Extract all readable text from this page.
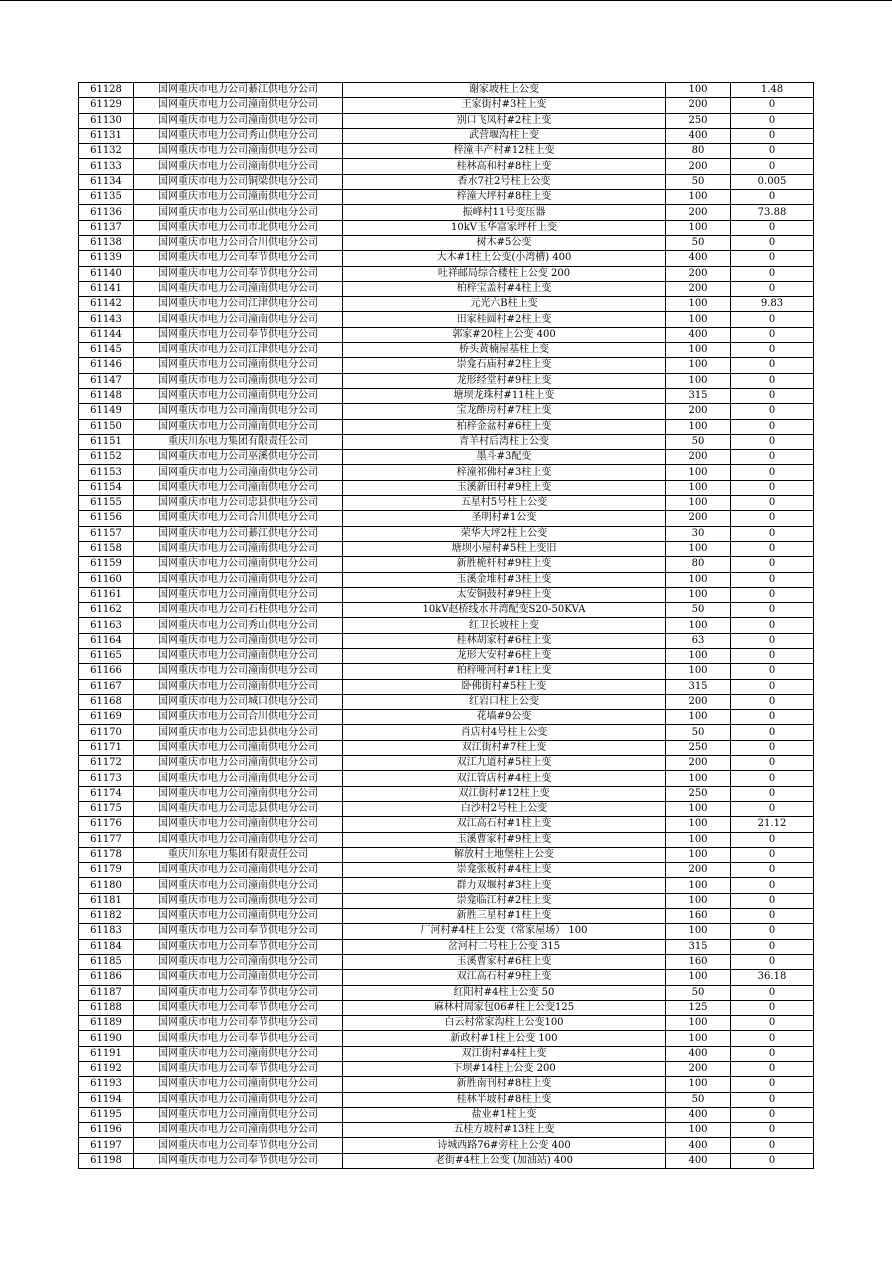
61128	国网重庆市电力公司綦江供电分公司	谢家坡柱上公变	100	1.48
61129	国网重庆市电力公司潼南供电分公司	王家街村#3柱上变	200	0
61130	国网重庆市电力公司潼南供电分公司	别口飞凤村#2柱上变	250	0
61131	国网重庆市电力公司秀山供电分公司	武营堰沟柱上变	400	0
61132	国网重庆市电力公司潼南供电分公司	梓潼丰产村#12柱上变	80	0
61133	国网重庆市电力公司潼南供电分公司	桂林高和村#8柱上变	200	0
61134	国网重庆市电力公司铜梁供电分公司	香水7社2号柱上公变	50	0.005
61135	国网重庆市电力公司潼南供电分公司	梓潼大坪村#8柱上变	100	0
61136	国网重庆市电力公司巫山供电分公司	振峰村11号变压器	200	73.88
61137	国网重庆市电力公司市北供电分公司	10kV玉华富家坪杆上变	100	0
61138	国网重庆市电力公司合川供电分公司	树木#5公变	50	0
61139	国网重庆市电力公司奉节供电分公司	大木#1柱上公变(小湾槽) 400	400	0
61140	国网重庆市电力公司奉节供电分公司	吐祥邮局综合楼柱上公变 200	200	0
61141	国网重庆市电力公司潼南供电分公司	柏梓宝盖村#4柱上变	200	0
61142	国网重庆市电力公司江津供电分公司	元光六B柱上变	100	9.83
61143	国网重庆市电力公司潼南供电分公司	田家桂圆村#2柱上变	100	0
61144	国网重庆市电力公司奉节供电分公司	郭家#20柱上公变 400	400	0
61145	国网重庆市电力公司江津供电分公司	桥头黄楠屋基柱上变	100	0
61146	国网重庆市电力公司潼南供电分公司	崇龛石庙村#2柱上变	100	0
61147	国网重庆市电力公司潼南供电分公司	龙形经堂村#9柱上变	100	0
61148	国网重庆市电力公司潼南供电分公司	塘坝龙珠村#11柱上变	315	0
61149	国网重庆市电力公司潼南供电分公司	宝龙酢房村#7柱上变	200	0
61150	国网重庆市电力公司潼南供电分公司	柏梓金盆村#6柱上变	100	0
61151	重庆川东电力集团有限责任公司	青羊村后湾柱上公变	50	0
61152	国网重庆市电力公司巫溪供电分公司	墨斗#3配变	200	0
61153	国网重庆市电力公司潼南供电分公司	梓潼祁佛村#3柱上变	100	0
61154	国网重庆市电力公司潼南供电分公司	玉溪新田村#9柱上变	100	0
61155	国网重庆市电力公司忠县供电分公司	五星村5号柱上公变	100	0
61156	国网重庆市电力公司合川供电分公司	圣明村#1公变	200	0
61157	国网重庆市电力公司綦江供电分公司	荣华大坪2柱上公变	30	0
61158	国网重庆市电力公司潼南供电分公司	塘坝小屋村#5柱上变旧	100	0
61159	国网重庆市电力公司潼南供电分公司	新胜桅杆村#9柱上变	80	0
61160	国网重庆市电力公司潼南供电分公司	玉溪金堆村#3柱上变	100	0
61161	国网重庆市电力公司潼南供电分公司	太安铜鼓村#9柱上变	100	0
61162	国网重庆市电力公司石柱供电分公司	10kV赵桥线水井湾配变S20-50KVA	50	0
61163	国网重庆市电力公司秀山供电分公司	红卫长坡柱上变	100	0
61164	国网重庆市电力公司潼南供电分公司	桂林胡家村#6柱上变	63	0
61165	国网重庆市电力公司潼南供电分公司	龙形大安村#6柱上变	100	0
61166	国网重庆市电力公司潼南供电分公司	柏梓哑河村#1柱上变	100	0
61167	国网重庆市电力公司潼南供电分公司	卧佛街村#5柱上变	315	0
61168	国网重庆市电力公司城口供电分公司	红岩口柱上公变	200	0
61169	国网重庆市电力公司合川供电分公司	花墙#9公变	100	0
61170	国网重庆市电力公司忠县供电分公司	肖店村4号柱上公变	50	0
61171	国网重庆市电力公司潼南供电分公司	双江街村#7柱上变	250	0
61172	国网重庆市电力公司潼南供电分公司	双江九道村#5柱上变	200	0
61173	国网重庆市电力公司潼南供电分公司	双江管店村#4柱上变	100	0
61174	国网重庆市电力公司潼南供电分公司	双江街村#12柱上变	250	0
61175	国网重庆市电力公司忠县供电分公司	白沙村2号柱上公变	100	0
61176	国网重庆市电力公司潼南供电分公司	双江高石村#1柱上变	100	21.12
61177	国网重庆市电力公司潼南供电分公司	玉溪曹家村#9柱上变	100	0
61178	重庆川东电力集团有限责任公司	解放村土地堡柱上公变	100	0
61179	国网重庆市电力公司潼南供电分公司	崇龛张板村#4柱上变	200	0
61180	国网重庆市电力公司潼南供电分公司	群力双堰村#3柱上变	100	0
61181	国网重庆市电力公司潼南供电分公司	崇龛临江村#2柱上变	100	0
61182	国网重庆市电力公司潼南供电分公司	新胜三星村#1柱上变	160	0
61183	国网重庆市电力公司奉节供电分公司	厂河村#4柱上公变（常家屋场） 100	100	0
61184	国网重庆市电力公司奉节供电分公司	岔河村二号柱上公变 315	315	0
61185	国网重庆市电力公司潼南供电分公司	玉溪曹家村#6柱上变	160	0
61186	国网重庆市电力公司潼南供电分公司	双江高石村#9柱上变	100	36.18
61187	国网重庆市电力公司奉节供电分公司	红阳村#4柱上公变 50	50	0
61188	国网重庆市电力公司奉节供电分公司	麻林村周家包06#柱上公变125	125	0
61189	国网重庆市电力公司奉节供电分公司	白云村常家沟柱上公变100	100	0
61190	国网重庆市电力公司奉节供电分公司	新政村#1柱上公变 100	100	0
61191	国网重庆市电力公司潼南供电分公司	双江街村#4柱上变	400	0
61192	国网重庆市电力公司奉节供电分公司	下坝#14柱上公变 200	200	0
61193	国网重庆市电力公司潼南供电分公司	新胜南刊村#8柱上变	100	0
61194	国网重庆市电力公司潼南供电分公司	桂林半坡村#8柱上变	50	0
61195	国网重庆市电力公司潼南供电分公司	盐业#1柱上变	400	0
61196	国网重庆市电力公司潼南供电分公司	五桂方坡村#13柱上变	100	0
61197	国网重庆市电力公司奉节供电分公司	诗城西路76#旁柱上公变 400	400	0
61198	国网重庆市电力公司奉节供电分公司	老街#4柱上公变 (加油站) 400	400	0
